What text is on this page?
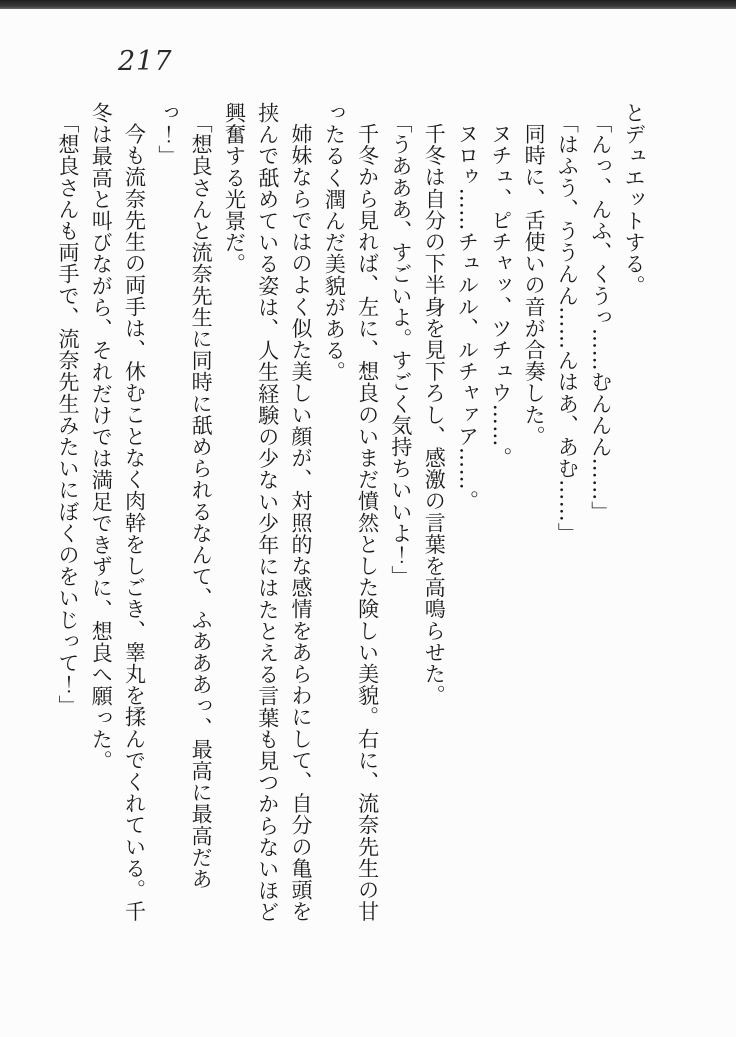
217

とデュエットする。

「んっ、んふ、くうっ……むんんん……」

「はふう、ううんん……んはあ、あむ……」

同時に、舌使いの音が合奏した。

ヌチュ、ピチャッ、ツチュウ……。

ヌロゥ……チュルル、ルチャァア……。

千冬は自分の下半身を見下ろし、感激の言葉を高鳴らせた。

「うあああ、すごいよ。すごく気持ちいいよ！」

千冬から見れば、左に、想良のいまだ憤然とした険しい美貌。右に、流奈先生の甘ったるく潤んだ美貌がある。

姉妹ならではのよく似た美しい顔が、対照的な感情をあらわにして、自分の亀頭を挟んで舐めている姿は、人生経験の少ない少年にはたとえる言葉も見つからないほど興奮する光景だ。

「想良さんと流奈先生に同時に舐められるなんて、ふあああっ、最高に最高だあっ！」

今も流奈先生の両手は、休むことなく肉幹をしごき、睾丸を揉んでくれている。千冬は最高と叫びながら、それだけでは満足できずに、想良へ願った。

「想良さんも両手で、流奈先生みたいにぼくのをいじって！」
